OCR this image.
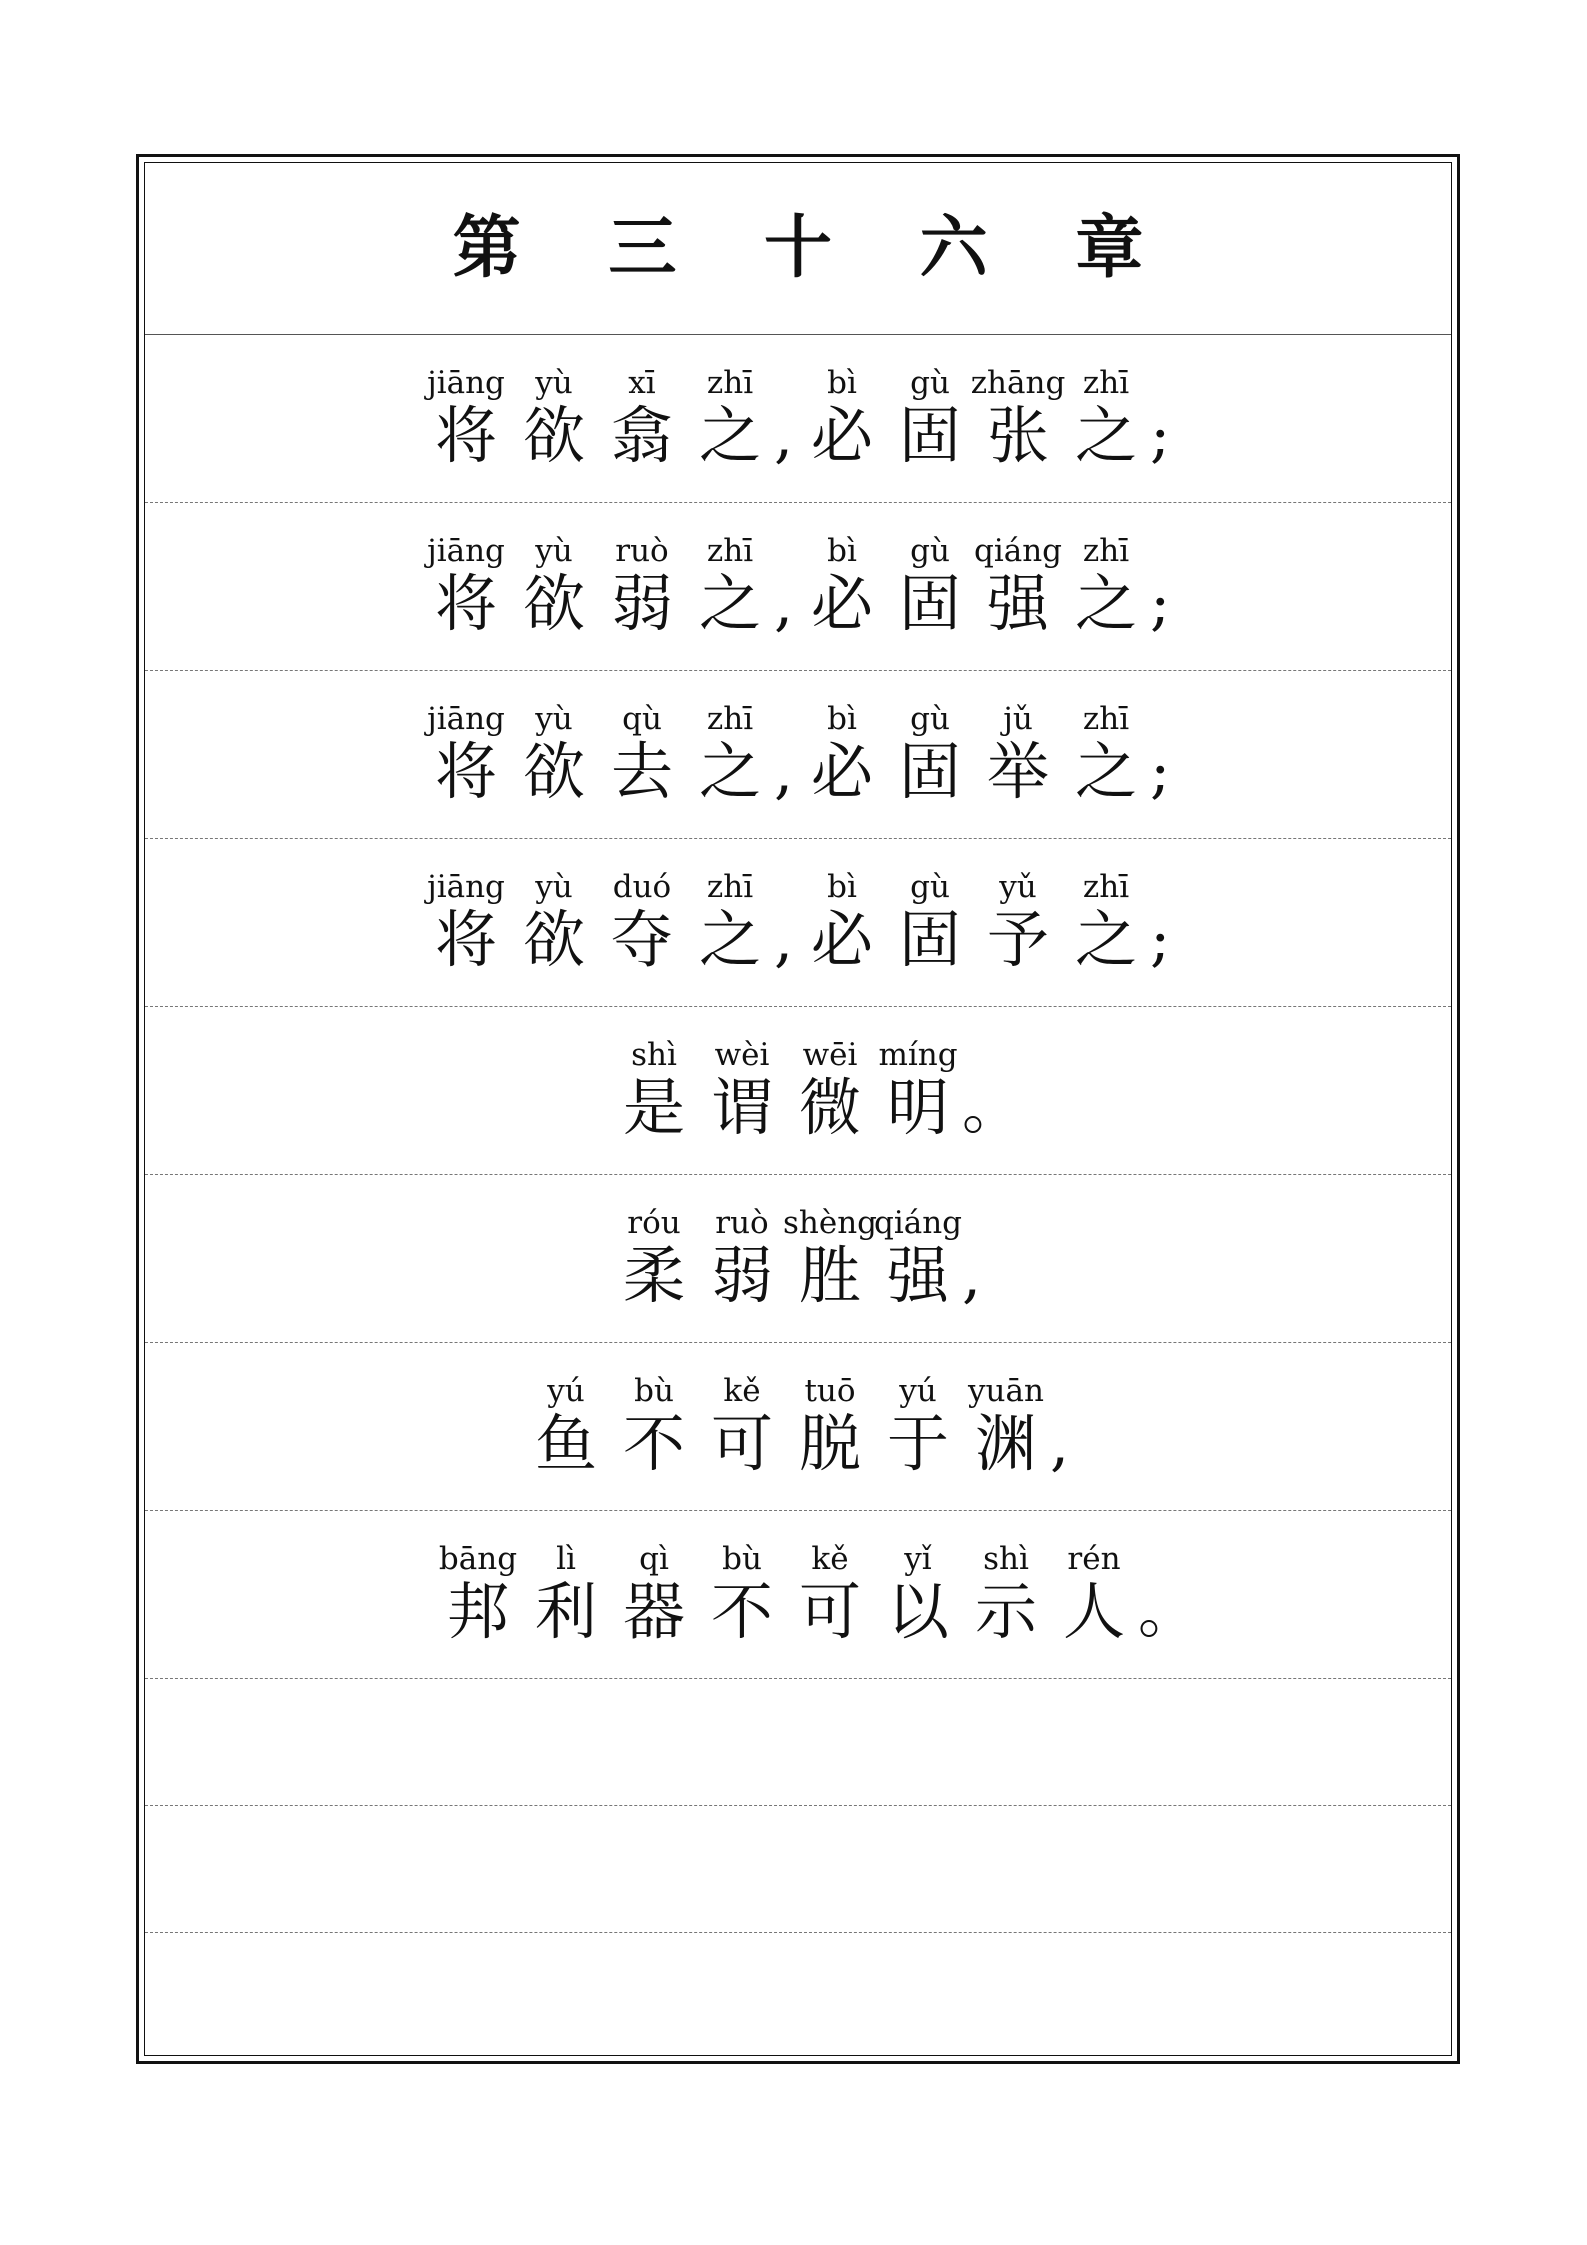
第 三 十 六 章
jiāng
将
yù
欲
xī
翕
zhī
之 ,
bì
必
gù
固
zhāng
张
zhī
之 ;
jiāng
将
yù
欲
ruò
弱
zhī
之 ,
bì
必
gù
固
qiáng
强
zhī
之 ;
jiāng
将
yù
欲
qù
去
zhī
之 ,
bì
必
gù
固
jǔ
举
zhī
之 ;
jiāng
将
yù
欲
duó
夺
zhī
之 ,
bì
必
gù
固
yǔ
予
zhī
之 ;
shì
是
wèi
谓
wēi
微
míng
明 。
róu
柔
ruò
弱
shèng
胜
qiáng
强 ,
yú
鱼
bù
不
kě
可
tuō
脱
yú
于
yuān
渊 ,
bāng
邦
lì
利
qì
器
bù
不
kě
可
yǐ
以
shì
示
rén
人 。
